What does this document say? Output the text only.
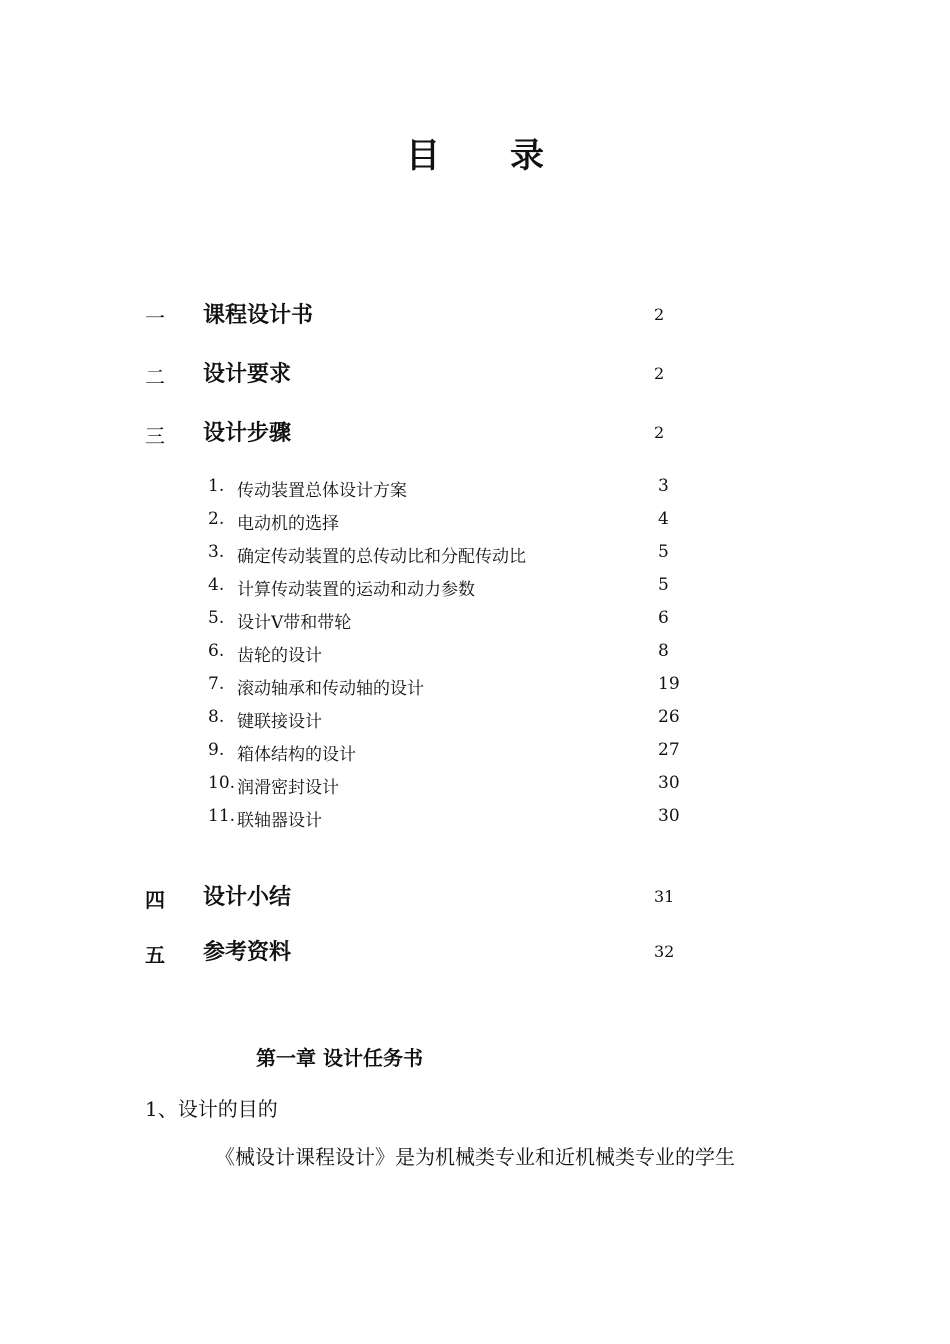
目 录
一 课程设计书	2
二 设计要求	2
三 设计步骤	2
1. 传动装置总体设计方案	3
2. 电动机的选择	4
3. 确定传动装置的总传动比和分配传动比	5
4. 计算传动装置的运动和动力参数	5
5. 设计V带和带轮	6
6. 齿轮的设计	8
7. 滚动轴承和传动轴的设计	19
8. 键联接设计	26
9. 箱体结构的设计	27
10. 润滑密封设计	30
11. 联轴器设计	30
四 设计小结	31
五 参考资料	32
第一章 设计任务书
1、设计的目的
《械设计课程设计》是为机械类专业和近机械类专业的学生
